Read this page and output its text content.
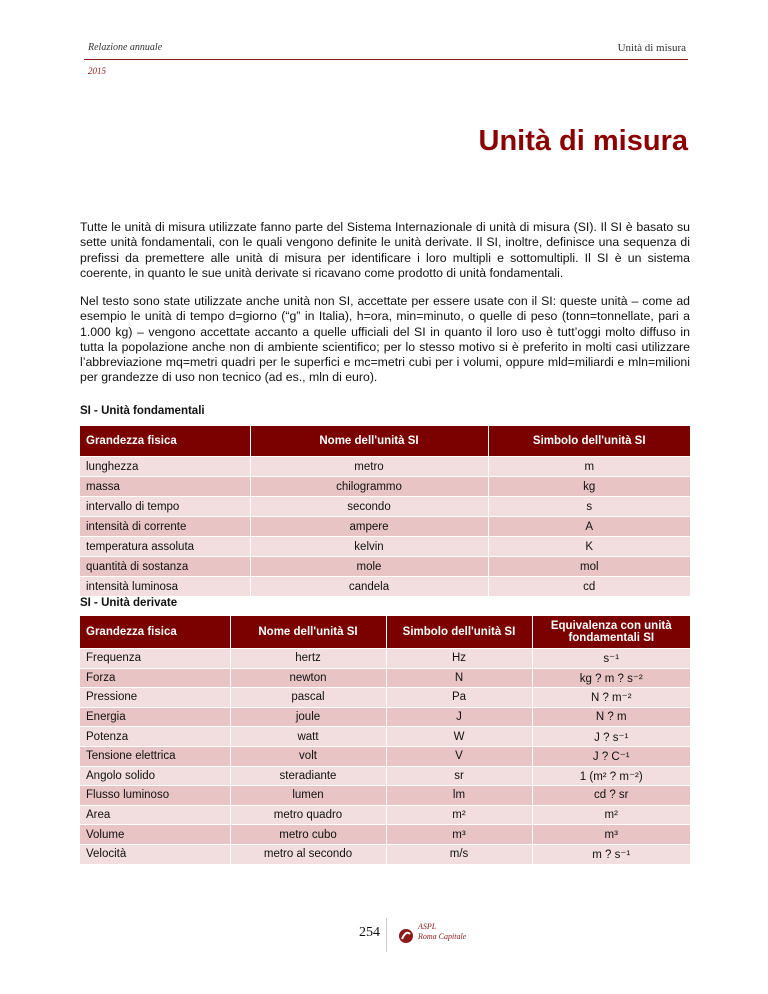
Relazione annuale	Unità di misura
2015
Unità di misura

Tutte le unità di misura utilizzate fanno parte del Sistema Internazionale di unità di misura (SI). Il SI è basato su sette unità fondamentali, con le quali vengono definite le unità derivate. Il SI, inoltre, definisce una sequenza di prefissi da premettere alle unità di misura per identificare i loro multipli e sottomultipli. Il SI è un sistema coerente, in quanto le sue unità derivate si ricavano come prodotto di unità fondamentali.

Nel testo sono state utilizzate anche unità non SI, accettate per essere usate con il SI: queste unità – come ad esempio le unità di tempo d=giorno (“g” in Italia), h=ora, min=minuto, o quelle di peso (tonn=tonnellate, pari a 1.000 kg) – vengono accettate accanto a quelle ufficiali del SI in quanto il loro uso è tutt’oggi molto diffuso in tutta la popolazione anche non di ambiente scientifico; per lo stesso motivo si è preferito in molti casi utilizzare l’abbreviazione mq=metri quadri per le superfici e mc=metri cubi per i volumi, oppure mld=miliardi e mln=milioni per grandezze di uso non tecnico (ad es., mln di euro).

SI - Unità fondamentali
Grandezza fisica	Nome dell'unità SI	Simbolo dell'unità SI
lunghezza	metro	m
massa	chilogrammo	kg
intervallo di tempo	secondo	s
intensità di corrente	ampere	A
temperatura assoluta	kelvin	K
quantità di sostanza	mole	mol
intensità luminosa	candela	cd
SI - Unità derivate
Grandezza fisica	Nome dell'unità SI	Simbolo dell'unità SI	Equivalenza con unità fondamentali SI
Frequenza	hertz	Hz	s⁻¹
Forza	newton	N	kg ? m ? s⁻²
Pressione	pascal	Pa	N ? m⁻²
Energia	joule	J	N ? m
Potenza	watt	W	J ? s⁻¹
Tensione elettrica	volt	V	J ? C⁻¹
Angolo solido	steradiante	sr	1 (m² ? m⁻²)
Flusso luminoso	lumen	lm	cd ? sr
Area	metro quadro	m²	m²
Volume	metro cubo	m³	m³
Velocità	metro al secondo	m/s	m ? s⁻¹
254	ASPL
Roma Capitale
